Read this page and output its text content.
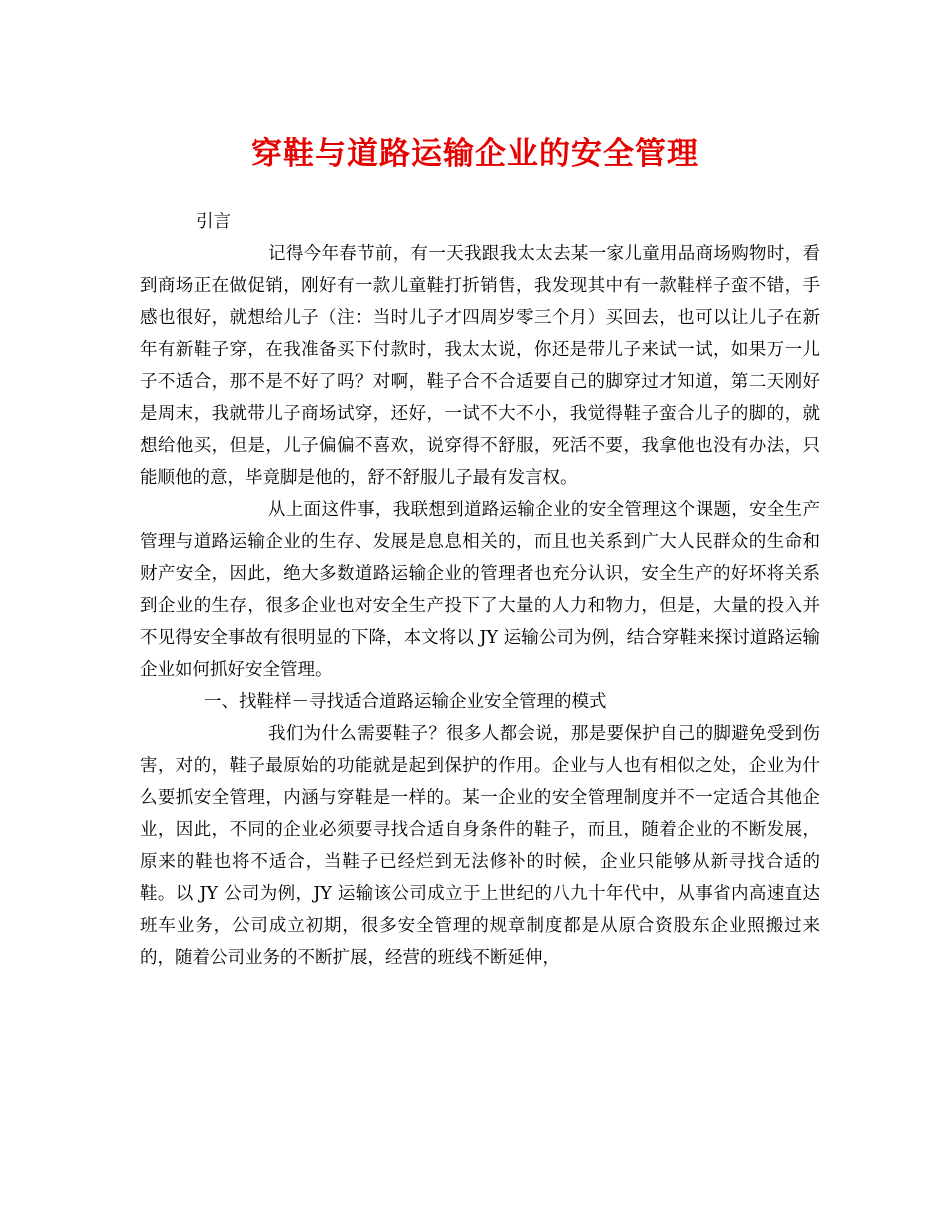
穿鞋与道路运输企业的安全管理

引言

记得今年春节前，有一天我跟我太太去某一家儿童用品商场购物时，看到商场正在做促销，刚好有一款儿童鞋打折销售，我发现其中有一款鞋样子蛮不错，手感也很好，就想给儿子（注：当时儿子才四周岁零三个月）买回去，也可以让儿子在新年有新鞋子穿，在我准备买下付款时，我太太说，你还是带儿子来试一试，如果万一儿子不适合，那不是不好了吗？对啊，鞋子合不合适要自己的脚穿过才知道，第二天刚好是周末，我就带儿子商场试穿，还好，一试不大不小，我觉得鞋子蛮合儿子的脚的，就想给他买，但是，儿子偏偏不喜欢，说穿得不舒服，死活不要，我拿他也没有办法，只能顺他的意，毕竟脚是他的，舒不舒服儿子最有发言权。

从上面这件事，我联想到道路运输企业的安全管理这个课题，安全生产管理与道路运输企业的生存、发展是息息相关的，而且也关系到广大人民群众的生命和财产安全，因此，绝大多数道路运输企业的管理者也充分认识，安全生产的好坏将关系到企业的生存，很多企业也对安全生产投下了大量的人力和物力，但是，大量的投入并不见得安全事故有很明显的下降，本文将以 JY 运输公司为例，结合穿鞋来探讨道路运输企业如何抓好安全管理。

一、找鞋样－寻找适合道路运输企业安全管理的模式

我们为什么需要鞋子？很多人都会说，那是要保护自己的脚避免受到伤害，对的，鞋子最原始的功能就是起到保护的作用。企业与人也有相似之处，企业为什么要抓安全管理，内涵与穿鞋是一样的。某一企业的安全管理制度并不一定适合其他企业，因此，不同的企业必须要寻找合适自身条件的鞋子，而且，随着企业的不断发展，原来的鞋也将不适合，当鞋子已经烂到无法修补的时候，企业只能够从新寻找合适的鞋。以 JY 公司为例，JY 运输该公司成立于上世纪的八九十年代中，从事省内高速直达班车业务，公司成立初期，很多安全管理的规章制度都是从原合资股东企业照搬过来的，随着公司业务的不断扩展，经营的班线不断延伸，
